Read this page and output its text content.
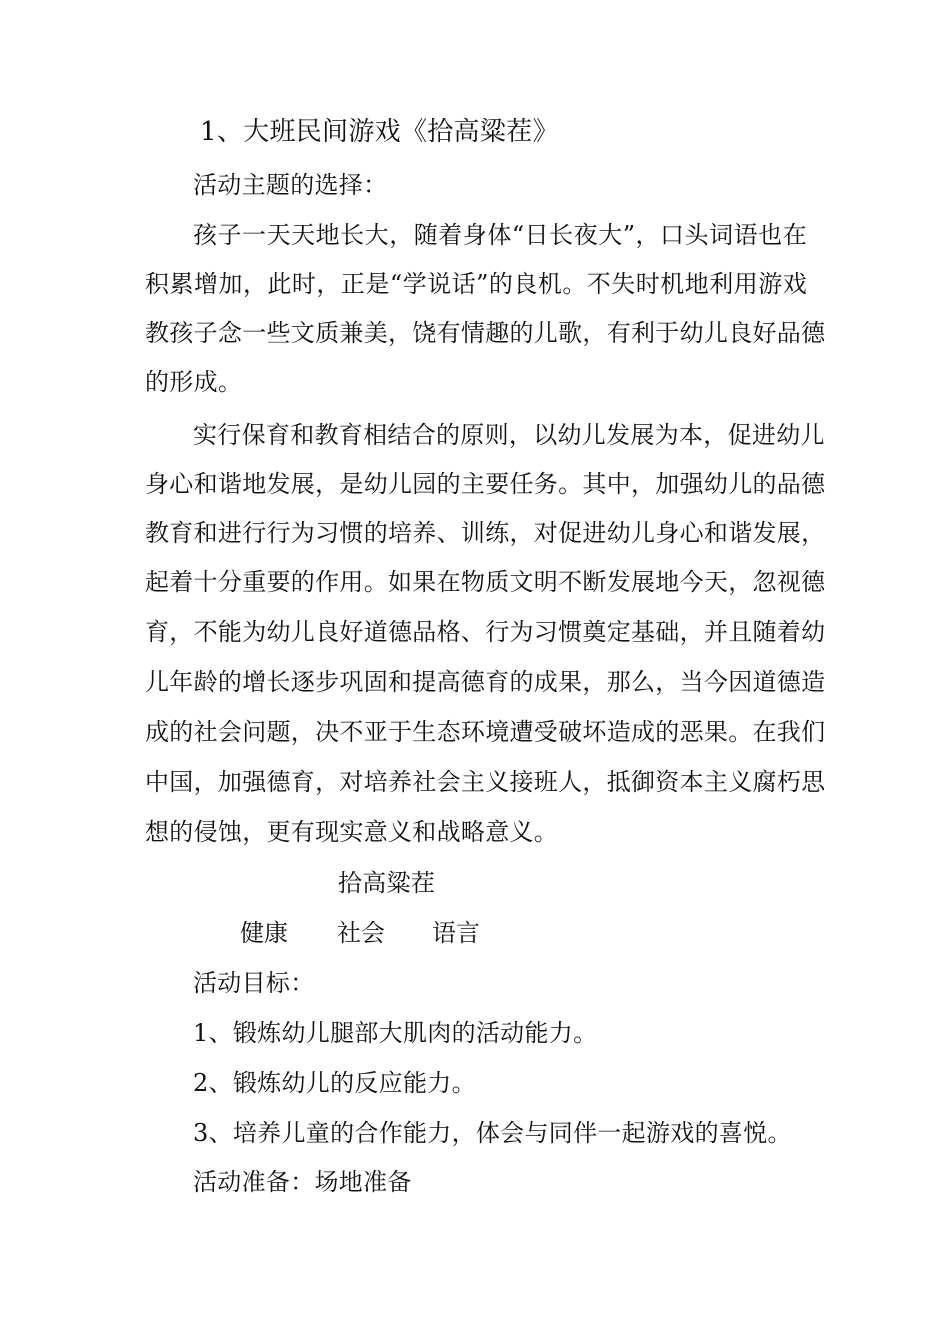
1、大班民间游戏《拾高粱茬》
活动主题的选择：
孩子一天天地长大，随着身体“日长夜大”，口头词语也在
积累增加，此时，正是“学说话”的良机。不失时机地利用游戏
教孩子念一些文质兼美，饶有情趣的儿歌，有利于幼儿良好品德
的形成。
实行保育和教育相结合的原则，以幼儿发展为本，促进幼儿
身心和谐地发展，是幼儿园的主要任务。其中，加强幼儿的品德
教育和进行行为习惯的培养、训练，对促进幼儿身心和谐发展，
起着十分重要的作用。如果在物质文明不断发展地今天，忽视德
育，不能为幼儿良好道德品格、行为习惯奠定基础，并且随着幼
儿年龄的增长逐步巩固和提高德育的成果，那么，当今因道德造
成的社会问题，决不亚于生态环境遭受破坏造成的恶果。在我们
中国，加强德育，对培养社会主义接班人，抵御资本主义腐朽思
想的侵蚀，更有现实意义和战略意义。
拾高粱茬
健康 社会 语言
活动目标：
1、锻炼幼儿腿部大肌肉的活动能力。
2、锻炼幼儿的反应能力。
3、培养儿童的合作能力，体会与同伴一起游戏的喜悦。
活动准备：场地准备
